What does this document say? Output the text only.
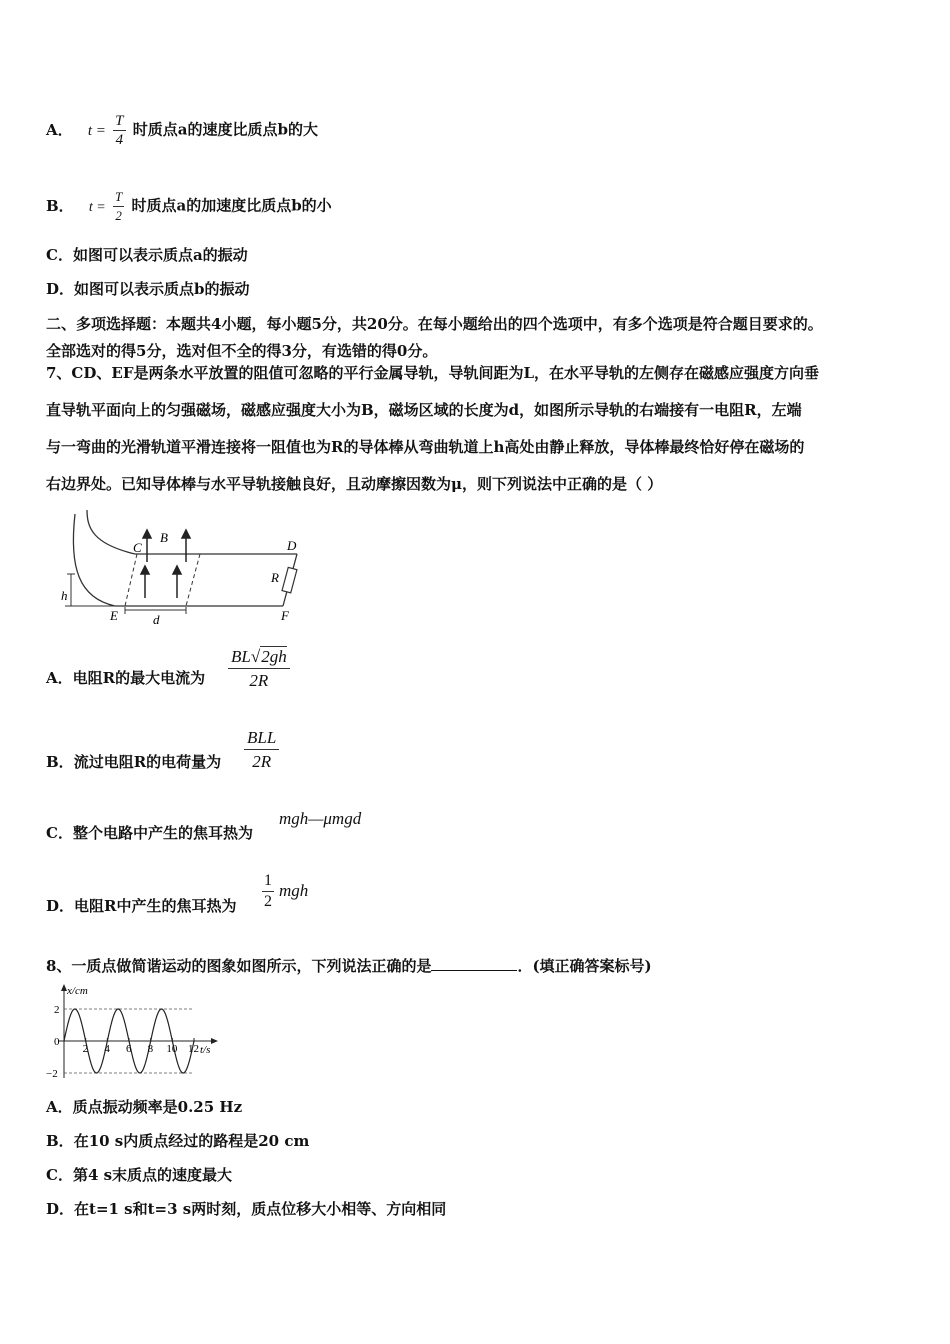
A． $t = \frac{T}{4}$ 时质点a的速度比质点b的大
B． $t = \frac{T}{2}$ 时质点a的加速度比质点b的小
C．如图可以表示质点a的振动
D．如图可以表示质点b的振动
二、多项选择题：本题共4小题，每小题5分，共20分。在每小题给出的四个选项中，有多个选项是符合题目要求的。
全部选对的得5分，选对但不全的得3分，有选错的得0分。
7、CD、EF是两条水平放置的阻值可忽略的平行金属导轨，导轨间距为L，在水平导轨的左侧存在磁感应强度方向垂
直导轨平面向上的匀强磁场，磁感应强度大小为B，磁场区域的长度为d，如图所示导轨的右端接有一电阻R，左端
与一弯曲的光滑轨道平滑连接将一阻值也为R的导体棒从弯曲轨道上h高处由静止释放，导体棒最终恰好停在磁场的
右边界处。已知导体棒与水平导轨接触良好，且动摩擦因数为μ，则下列说法中正确的是（ ）
C
B
D
R
h
E	d	F
A．电阻R的最大电流为
BL√2gh
2R
B．流过电阻R的电荷量为
BLL
2R
C．整个电路中产生的焦耳热为
mgh—μmgd
D．电阻R中产生的焦耳热为 $\frac{1}{2}$ mgh
8、一质点做简谐运动的图象如图所示，下列说法正确的是	．(填正确答案标号)
2 4 6 8 10 12
x/cm
t/s
2
0
−2
A．质点振动频率是0.25 Hz
B．在10 s内质点经过的路程是20 cm
C．第4 s末质点的速度最大
D．在t=1 s和t=3 s两时刻，质点位移大小相等、方向相同
